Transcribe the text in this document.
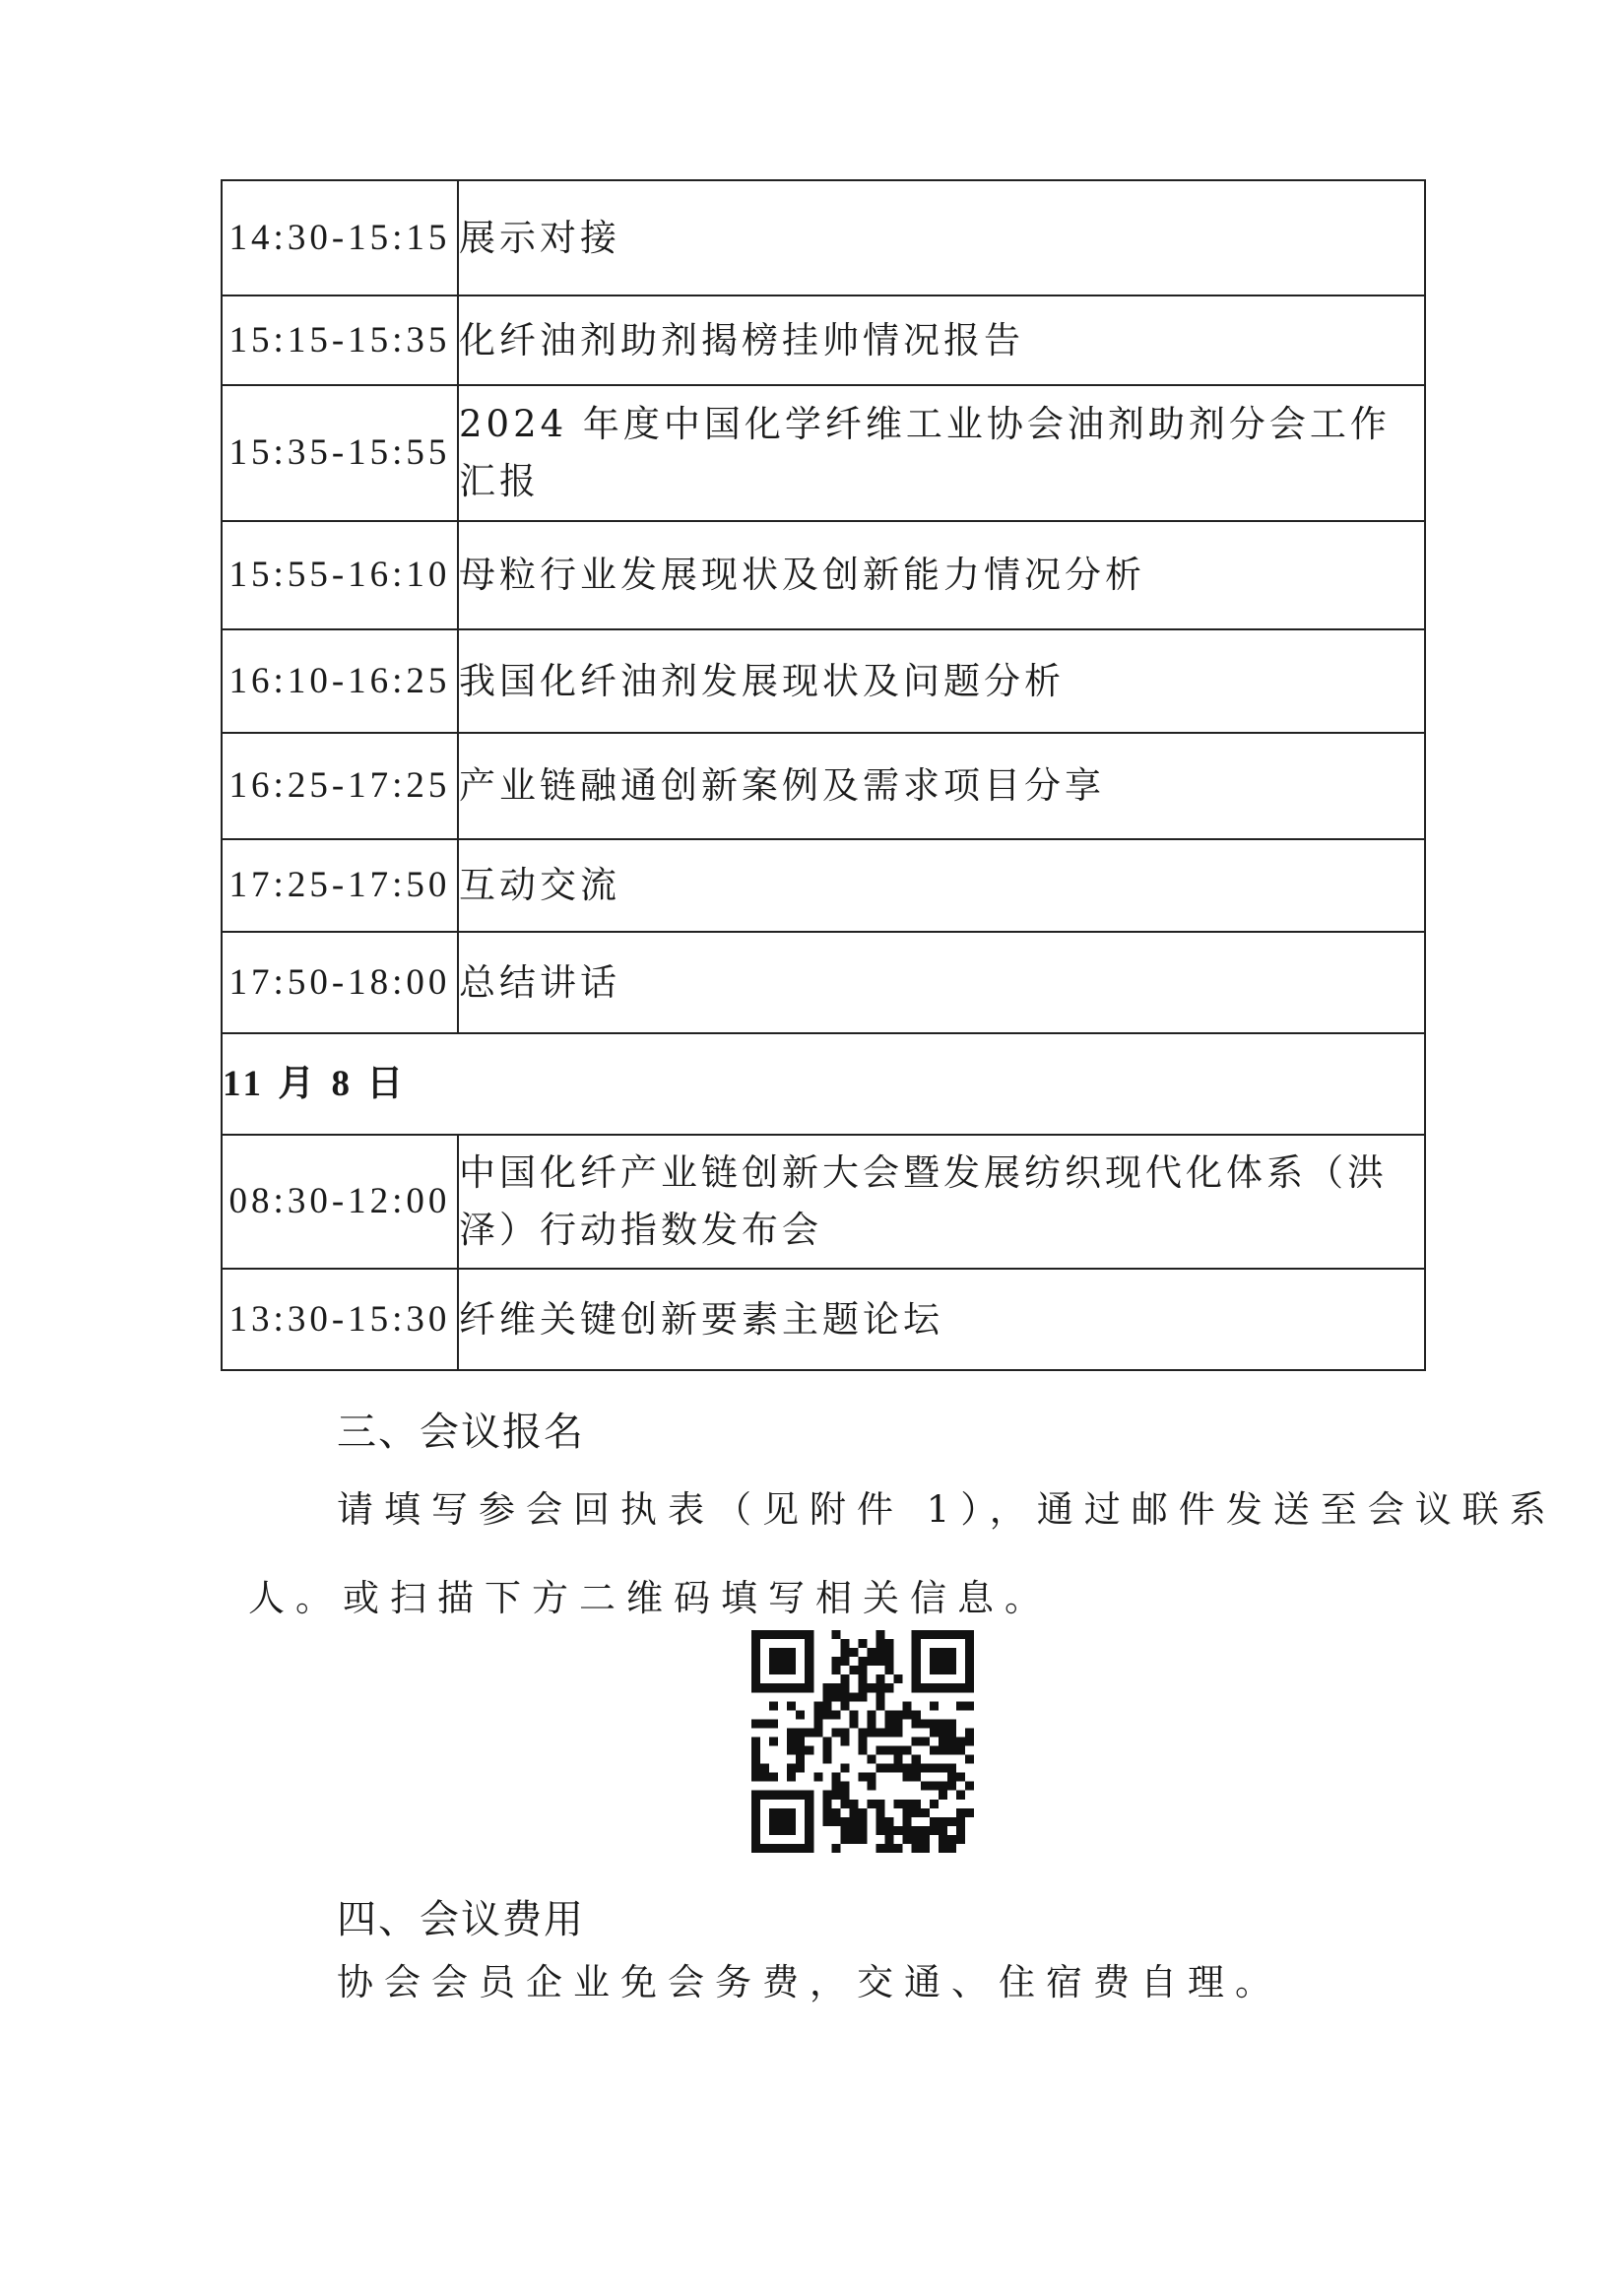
14:30-15:15	展示对接
15:15-15:35	化纤油剂助剂揭榜挂帅情况报告
15:35-15:55	2024 年度中国化学纤维工业协会油剂助剂分会工作汇报
15:55-16:10	母粒行业发展现状及创新能力情况分析
16:10-16:25	我国化纤油剂发展现状及问题分析
16:25-17:25	产业链融通创新案例及需求项目分享
17:25-17:50	互动交流
17:50-18:00	总结讲话
11 月 8 日	
08:30-12:00	中国化纤产业链创新大会暨发展纺织现代化体系（洪泽）行动指数发布会
13:30-15:30	纤维关键创新要素主题论坛
三、会议报名
请填写参会回执表（见附件 1），通过邮件发送至会议联系
人。或扫描下方二维码填写相关信息。
四、会议费用
协会会员企业免会务费，交通、住宿费自理。
